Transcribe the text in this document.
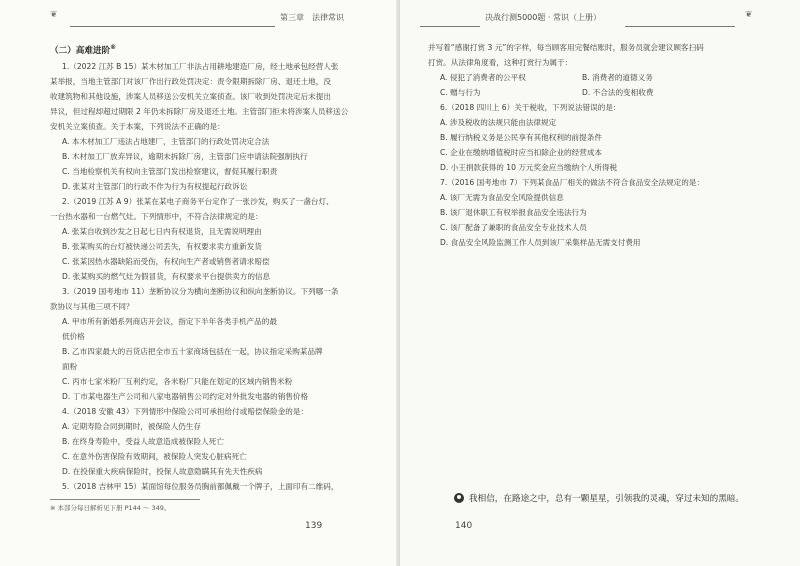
❦	第三章　法律常识

（二）高难进阶®

1.（2022 江苏 B 15）某木材加工厂非法占用耕地建造厂房，经土地承包经营人张

某举报，当地主管部门对该厂作出行政处罚决定：责令限期拆除厂房、退还土地，没

收建筑物和其他设施，涉案人员移送公安机关立案侦查。该厂收到处罚决定后未提出

异议，但过程却超过期限 2 年仍未拆除厂房及退还土地。主管部门拒未将涉案人员移送公

安机关立案侦查。关于本案，下列说法不正确的是：

A. 本木材加工厂违法占地建厂，主管部门的行政处罚决定合法

B. 木材加工厂放弃异议，逾期未拆除厂房，主管部门应申请法院强制执行

C. 当地检察机关有权向主管部门发出检察建议，督促其履行职责

D. 张某对主管部门的行政不作为行为有权提起行政诉讼

2.（2019 江苏 A 9）张某在某电子商务平台定作了一张沙发，购买了一盏台灯、

一台热水器和一台燃气灶。下列情形中，不符合法律规定的是：

A. 张某自收到沙发之日起七日内有权退货，且无需说明理由

B. 张某购买的台灯被快递公司丢失，有权要求卖方重新发货

C. 张某因热水器缺陷而受伤，有权向生产者或销售者请求赔偿

D. 张某购买的燃气灶为假冒货，有权要求平台提供卖方的信息

3.（2019 国考地市 11）垄断协议分为横向垄断协议和纵向垄断协议。下列哪一条

款协议与其他三项不同？

A. 甲市所有新婚系列商店开会议，指定下半年各类手机产品的最

低价格

B. 乙市四家最大的百货店把全市五十家商场包括在一起，协议指定采购某品牌

面粉

C. 丙市七家米粉厂互利约定，各米粉厂只能在划定的区域内销售米粉

D. 丁市某电器生产公司和八家电器销售公司约定对外批发电器的销售价格

4.（2018 安徽 43）下列情形中保险公司可承担给付或赔偿保险金的是：

A. 定期寿险合同到期时，被保险人仍生存

B. 在终身寿险中，受益人故意造成被保险人死亡

C. 在意外伤害保险有效期间，被保险人突发心脏病死亡

D. 在投保重大疾病保险时，投保人故意隐瞒其有先天性疾病

5.（2018 吉林甲 15）某面馆每位服务员胸前都佩戴一个牌子，上面印有二维码，

※ 本部分每日解析见下册 P144 ～ 349。
139
决战行测5000题 · 常识（上册）	❦

并写着“感谢打赏 3 元”的字样，每当顾客用完餐结账时，服务员就会建议顾客扫码

打赏。从法律角度看，这种打赏行为属于：

A. 侵犯了消费者的公平权	B. 消费者的道德义务
C. 赠与行为	D. 不合法的变相收费

6.（2018 四川上 6）关于税收，下列说法错误的是：

A. 涉及税收的法规只能由法律规定

B. 履行纳税义务是公民享有其他权利的前提条件

C. 企业在缴纳增值税时应当扣除企业的经营成本

D. 小王捐款获得的 10 万元奖金应当缴纳个人所得税

7.（2016 国考地市 7）下列某食品厂相关的做法不符合食品安全法规定的是：

A. 该厂无需为食品安全风险提供信息

B. 该厂退休职工有权举报食品安全违法行为

C. 该厂配备了兼职的食品安全专业技术人员

D. 食品安全风险监测工作人员到该厂采集样品无需支付费用

140
我相信，在路途之中，总有一颗星星，引领我的灵魂，穿过未知的黑暗。
